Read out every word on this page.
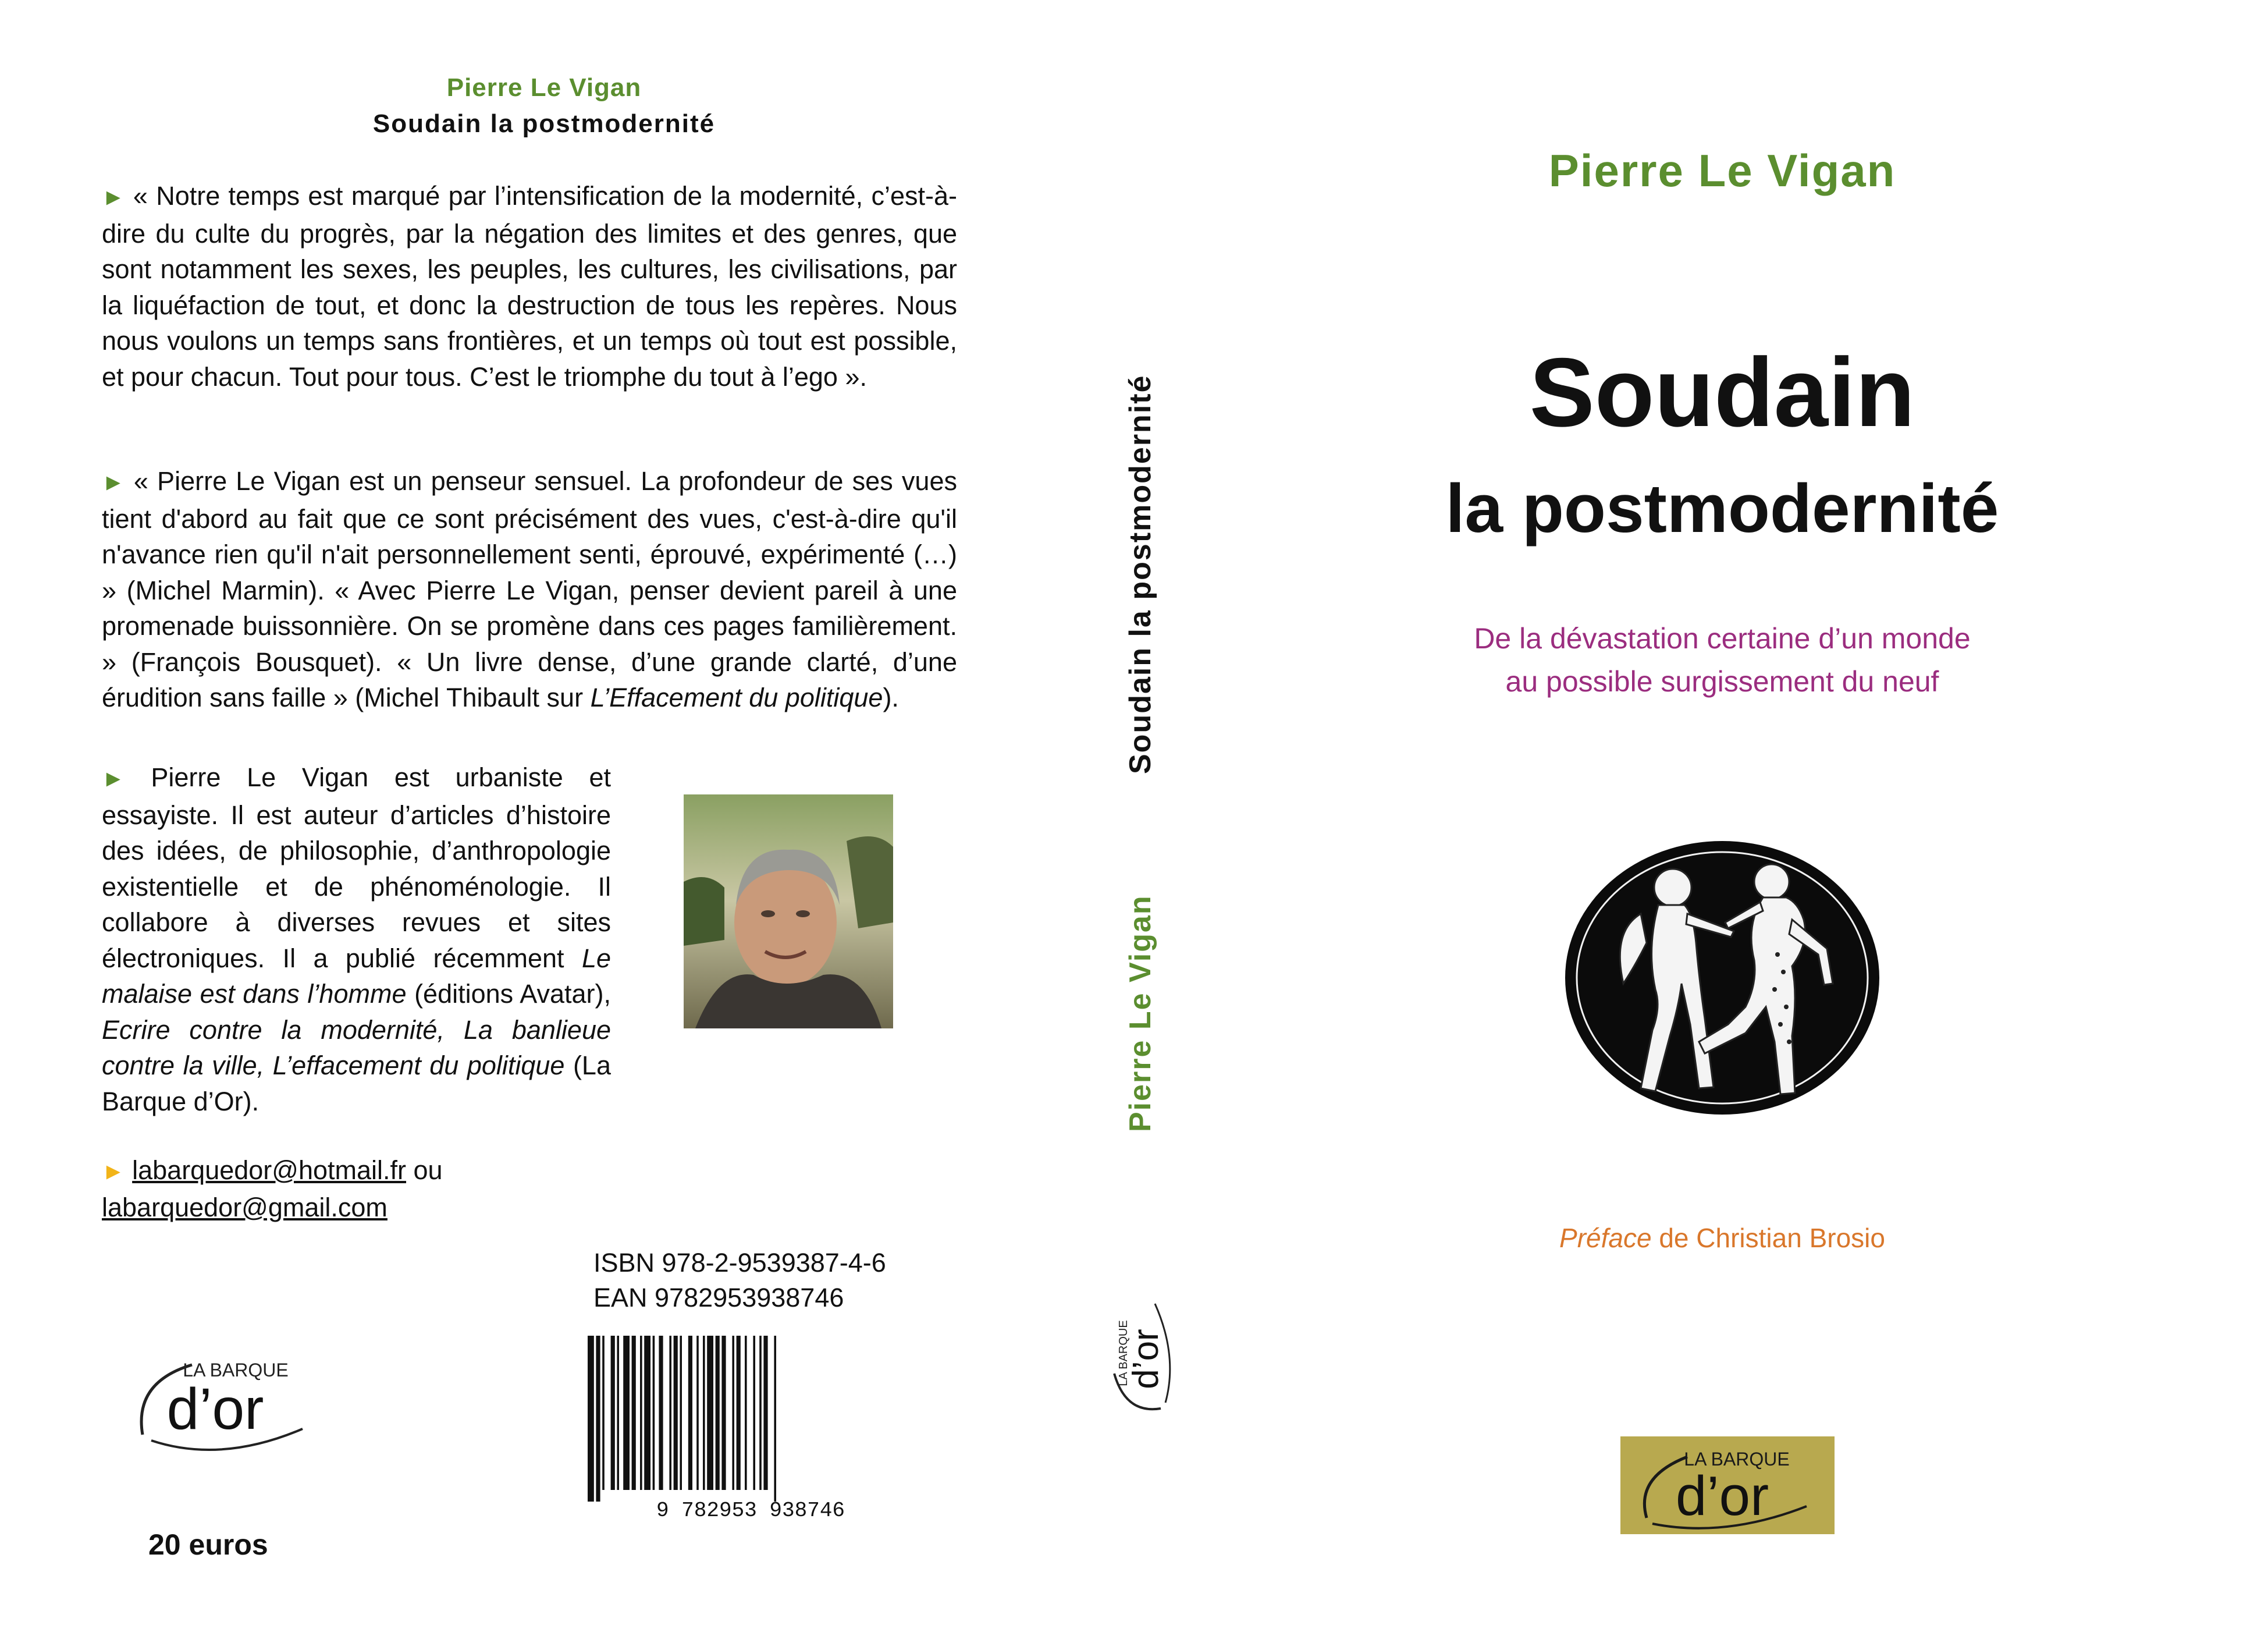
Pierre Le Vigan
Soudain la postmodernité
► « Notre temps est marqué par l’intensification de la modernité, c’est-à-dire du culte du progrès, par la négation des limites et des genres, que sont notamment les sexes, les peuples, les cultures, les civilisations, par la liquéfaction de tout, et donc la destruction de tous les repères. Nous nous voulons un temps sans frontières, et un temps où tout est possible, et pour chacun. Tout pour tous. C’est le triomphe du tout à l’ego ».
► « Pierre Le Vigan est un penseur sensuel. La profondeur de ses vues tient d'abord au fait que ce sont précisément des vues, c'est-à-dire qu'il n'avance rien qu'il n'ait personnellement senti, éprouvé, expérimenté (…) » (Michel Marmin). « Avec Pierre Le Vigan, penser devient pareil à une promenade buissonnière. On se promène dans ces pages familièrement. » (François Bousquet). « Un livre dense, d’une grande clarté, d’une érudition sans faille » (Michel Thibault sur L’Effacement du politique).
► Pierre Le Vigan est urbaniste et essayiste. Il est auteur d’articles d’histoire des idées, de philosophie, d’anthropologie existentielle et de phénoménologie. Il collabore à diverses revues et sites électroniques. Il a publié récemment Le malaise est dans l’homme (éditions Avatar), Ecrire contre la modernité, La banlieue contre la ville, L’effacement du politique (La Barque d’Or).
► labarquedor@hotmail.fr ou
labarquedor@gmail.com
ISBN 978-2-9539387-4-6
EAN 9782953938746
9 782953 938746
LA BARQUE
d’or
20 euros
Soudain la postmodernité
Pierre Le Vigan
LA BARQUE
d’or
Pierre Le Vigan
Soudain
la postmodernité
De la dévastation certaine d’un monde
au possible surgissement du neuf
Préface de Christian Brosio
LA BARQUE
d’or
